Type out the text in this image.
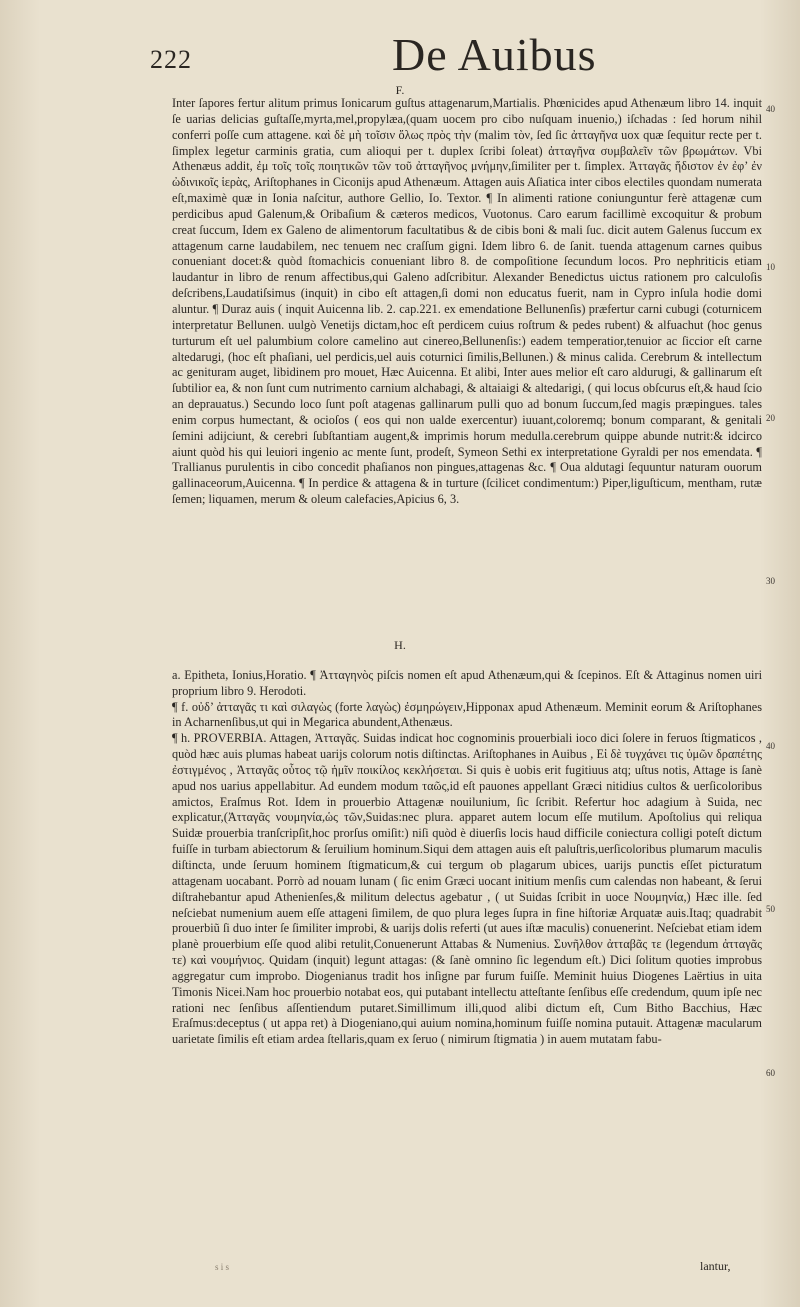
222	De Auibus
F.

Inter ſapores fertur alitum primus Ionicarum guſtus attagenarum,Martialis. Phœnicides apud Athenæum libro 14. inquit ſe uarias delicias guſtaſſe,myrta,mel,propylæa,(quam uocem pro cibo nuſquam inuenio,) iſchadas : ſed horum nihil conferri poſſe cum attagene. καὶ δὲ μὴ τοῖσιν ὅλως πρὸς τὴν (malim τὸν, ſed ſic ἀτταγῆνα uox quæ ſequitur recte per t. ſimplex legetur carminis gratia, cum alioqui per t. duplex ſcribi ſoleat) ἀτταγῆνα συμβαλεῖν τῶν βρωμάτων. Vbi Athenæus addit, ἐμ τοῖς τοῖς ποιητικῶν τῶν τοῦ ἀτταγῆνος μνήμην,ſimiliter per t. ſimplex. Ἀτταγᾶς ἥδιστον ἐν ἐφ’ ἐν ὠδινικοῖς ἱερὰς, Ariſtophanes in Ciconijs apud Athenæum. Attagen auis Aſiatica inter cibos electiles quondam numerata eſt,maximè quæ in Ionia naſcitur, authore Gellio, Io. Textor. ¶ In alimenti ratione coniunguntur ferè attagenæ cum perdicibus apud Galenum,& Oribaſium & cæteros medicos, Vuotonus. Caro earum facillimè excoquitur & probum creat ſuccum, Idem ex Galeno de alimentorum facultatibus & de cibis boni & mali ſuc. dicit autem Galenus ſuccum ex attagenum carne laudabilem, nec tenuem nec craſſum gigni. Idem libro 6. de ſanit. tuenda attagenum carnes quibus conueniant docet:& quòd ſtomachicis conueniant libro 8. de compoſitione ſecundum locos. Pro nephriticis etiam laudantur in libro de renum affectibus,qui Galeno adſcribitur. Alexander Benedictus uictus rationem pro calculoſis deſcribens,Laudatiſsimus (inquit) in cibo eſt attagen,ſi domi non educatus fuerit, nam in Cypro inſula hodie domi aluntur. ¶ Duraz auis ( inquit Auicenna lib. 2. cap.221. ex emendatione Bellunenſis) præfertur carni cubugi (coturnicem interpretatur Bellunen. uulgò Venetijs dictam,hoc eſt perdicem cuius roſtrum & pedes rubent) & alfuachut (hoc genus turturum eſt uel palumbium colore camelino aut cinereo,Bellunenſis:) eadem temperatior,tenuior ac ſiccior eſt carne altedarugi, (hoc eſt phaſiani, uel perdicis,uel auis coturnici ſimilis,Bellunen.) & minus calida. Cerebrum & intellectum ac genituram auget, libidinem pro mouet, Hæc Auicenna. Et alibi, Inter aues melior eſt caro aldurugi, & gallinarum eſt ſubtilior ea, & non ſunt cum nutrimento carnium alchabagi, & altaiaigi & altedarigi, ( qui locus obſcurus eſt,& haud ſcio an deprauatus.) Secundo loco ſunt poſt atagenas gallinarum pulli quo ad bonum ſuccum,ſed magis præpingues. tales enim corpus humectant, & ocioſos ( eos qui non ualde exercentur) iuuant,coloremq; bonum comparant, & genitali ſemini adijciunt, & cerebri ſubſtantiam augent,& imprimis horum medulla.cerebrum quippe abunde nutrit:& idcirco aiunt quòd his qui leuiori ingenio ac mente ſunt, prodeſt, Symeon Sethi ex interpretatione Gyraldi per nos emendata. ¶ Trallianus purulentis in cibo concedit phaſianos non pingues,attagenas &c. ¶ Oua aldutagi ſequuntur naturam ouorum gallinaceorum,Auicenna. ¶ In perdice & attagena & in turture (ſcilicet condimentum:) Piper,liguſticum, mentham, rutæ ſemen; liquamen, merum & oleum calefacies,Apicius 6, 3.

H.

a. Epitheta, Ionius,Horatio. ¶ Ἀτταγηνὸς piſcis nomen eſt apud Athenæum,qui & ſcepinos. Eſt & Attaginus nomen uiri proprium libro 9. Herodoti.
¶ f. οὐδ’ ἀτταγᾶς τι καὶ σιλαγὼς (forte λαγὼς) ἐσμηρώγειν,Hipponax apud Athenæum. Meminit eorum & Ariſtophanes in Acharnenſibus,ut qui in Megarica abundent,Athenæus.
¶ h. PROVERBIA. Attagen, Ἀτταγᾶς. Suidas indicat hoc cognominis prouerbiali ioco dici ſolere in feruos ſtigmaticos , quòd hæc auis plumas habeat uarijs colorum notis diſtinctas. Ariſtophanes in Auibus , Εἰ δὲ τυγχάνει τις ὑμῶν δραπέτης ἐστιγμένος , Ἀτταγᾶς οὗτος τῷ ἡμῖν ποικίλος κεκλήσεται. Si quis è uobis erit fugitiuus atq; uſtus notis, Attage is ſanè apud nos uarius appellabitur. Ad eundem modum ταῶς,id eſt pauones appellant Græci nitidius cultos & uerſicoloribus amictos, Eraſmus Rot. Idem in prouerbio Attagenæ nouilunium, ſic ſcribit. Refertur hoc adagium à Suida, nec explicatur,(Ἀτταγᾶς νουμηνία,ὡς τῶν,Suidas:nec plura. apparet autem locum eſſe mutilum. Apoſtolius qui reliqua Suidæ prouerbia tranſcripſit,hoc prorſus omiſit:) niſi quòd è diuerſis locis haud difficile coniectura colligi poteſt dictum fuiſſe in turbam abiectorum & ſeruilium hominum.Siqui dem attagen auis eſt paluſtris,uerſicoloribus plumarum maculis diſtincta, unde ſeruum hominem ſtigmaticum,& cui tergum ob plagarum ubices, uarijs punctis eſſet picturatum attagenam uocabant. Porrò ad nouam lunam ( ſic enim Græci uocant initium menſis cum calendas non habeant, & ſerui diſtrahebantur apud Athenienſes,& militum delectus agebatur , ( ut Suidas ſcribit in uoce Νουμηνία,) Hæc ille. ſed neſciebat numenium auem eſſe attageni ſimilem, de quo plura leges ſupra in fine hiſtoriæ Arquatæ auis.Itaq; quadrabit prouerbiũ ſi duo inter ſe ſimiliter improbi, & uarijs dolis referti (ut aues iſtæ maculis) conuenerint. Neſciebat etiam idem planè prouerbium eſſe quod alibi retulit,Conuenerunt Attabas & Numenius. Συνῆλθον ἀτταβᾶς τε (legendum ἀτταγᾶς τε) καὶ νουμήνιος. Quidam (inquit) legunt attagas: (& ſanè omnino ſic legendum eſt.) Dici ſolitum quoties improbus aggregatur cum improbo. Diogenianus tradit hos inſigne par furum fuiſſe. Meminit huius Diogenes Laërtius in uita Timonis Nicei.Nam hoc prouerbio notabat eos, qui putabant intellectu atteſtante ſenſibus eſſe credendum, quum ipſe nec rationi nec ſenſibus aſſentiendum putaret.Simillimum illi,quod alibi dictum eſt, Cum Bitho Bacchius, Hæc Eraſmus:deceptus ( ut appa ret) à Diogeniano,qui auium nomina,hominum fuiſſe nomina putauit. Attagenæ macularum uarietate ſimilis eſt etiam ardea ſtellaris,quam ex ſeruo ( nimirum ſtigmatia ) in auem mutatam fabu-

40
10
20
30
40
50
60
s i s	lantur,
